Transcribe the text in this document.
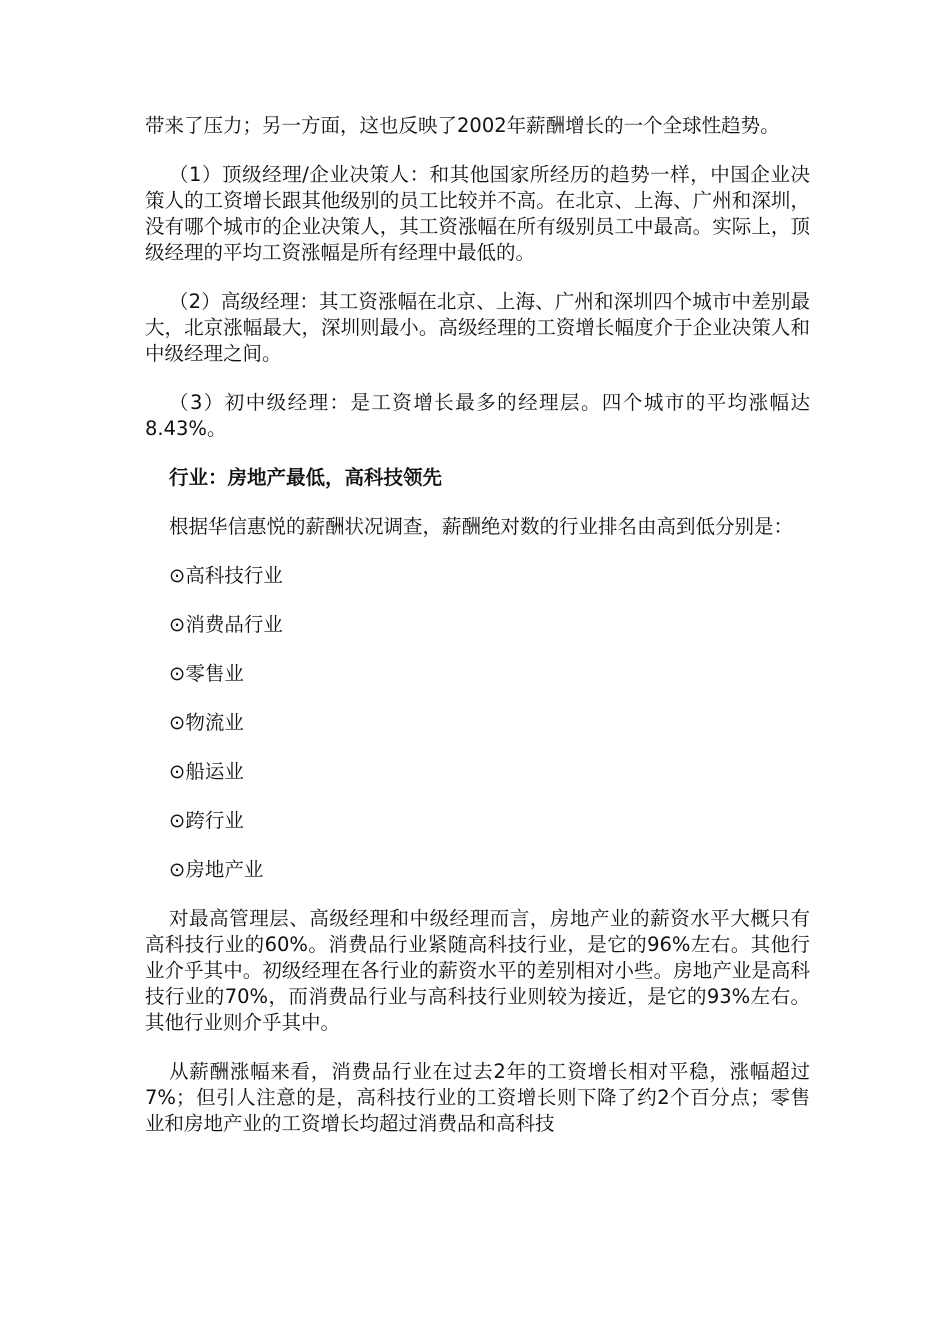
带来了压力；另一方面，这也反映了2002年薪酬增长的一个全球性趋势。

（1）顶级经理/企业决策人：和其他国家所经历的趋势一样，中国企业决策人的工资增长跟其他级别的员工比较并不高。在北京、上海、广州和深圳，没有哪个城市的企业决策人，其工资涨幅在所有级别员工中最高。实际上，顶级经理的平均工资涨幅是所有经理中最低的。

（2）高级经理：其工资涨幅在北京、上海、广州和深圳四个城市中差别最大，北京涨幅最大，深圳则最小。高级经理的工资增长幅度介于企业决策人和中级经理之间。

（3）初中级经理：是工资增长最多的经理层。四个城市的平均涨幅达8.43%。

行业：房地产最低，高科技领先

根据华信惠悦的薪酬状况调查，薪酬绝对数的行业排名由高到低分别是：

⊙高科技行业
⊙消费品行业
⊙零售业
⊙物流业
⊙船运业
⊙跨行业
⊙房地产业

对最高管理层、高级经理和中级经理而言，房地产业的薪资水平大概只有高科技行业的60%。消费品行业紧随高科技行业，是它的96%左右。其他行业介乎其中。初级经理在各行业的薪资水平的差别相对小些。房地产业是高科技行业的70%，而消费品行业与高科技行业则较为接近，是它的93%左右。其他行业则介乎其中。

从薪酬涨幅来看，消费品行业在过去2年的工资增长相对平稳，涨幅超过7%；但引人注意的是，高科技行业的工资增长则下降了约2个百分点；零售业和房地产业的工资增长均超过消费品和高科技
